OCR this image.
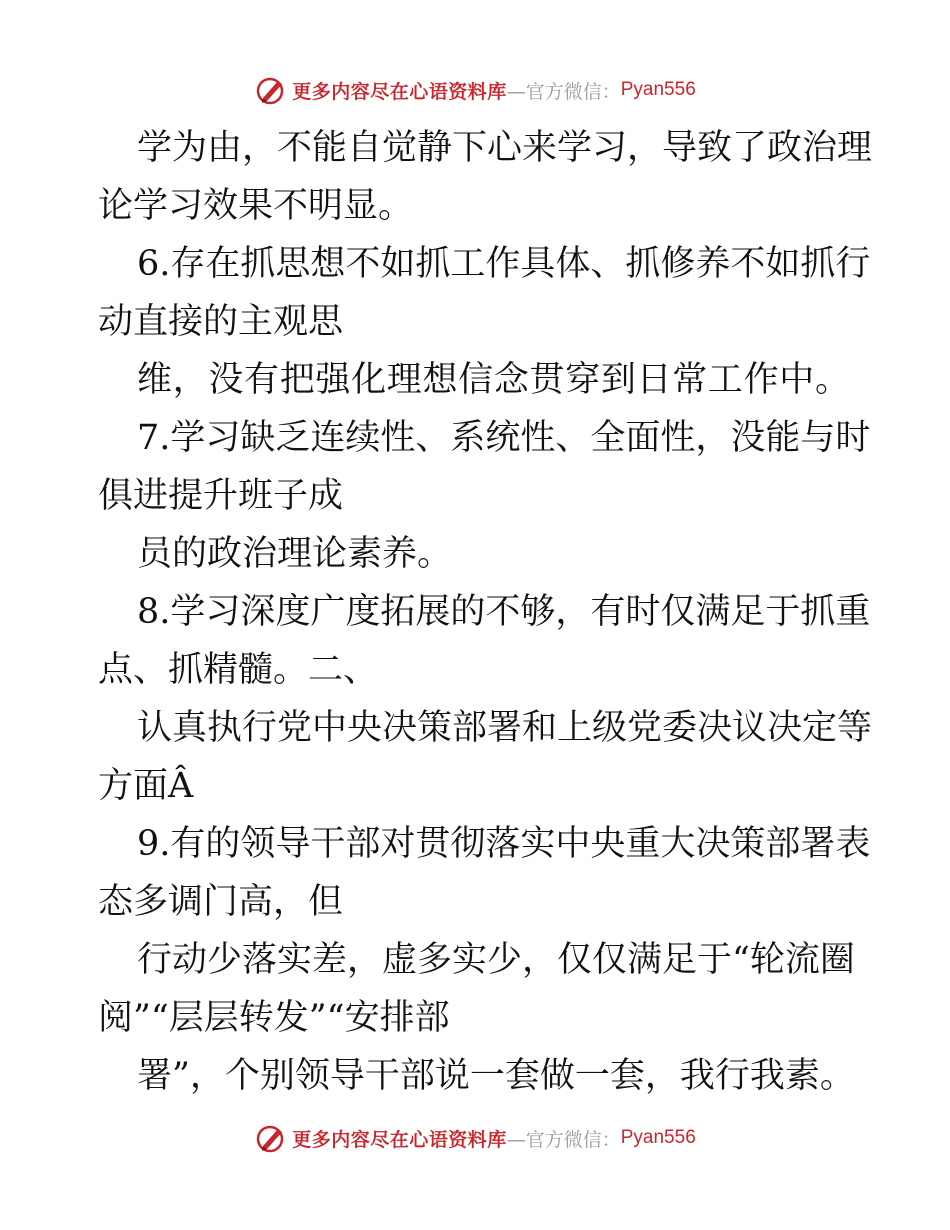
更多内容尽在心语资料库 —官方微信： Pyan556
学为由，不能自觉静下心来学习，导致了政治理
论学习效果不明显。
6.存在抓思想不如抓工作具体、抓修养不如抓行
动直接的主观思
维，没有把强化理想信念贯穿到日常工作中。
7.学习缺乏连续性、系统性、全面性，没能与时
俱进提升班子成
员的政治理论素养。
8.学习深度广度拓展的不够，有时仅满足于抓重
点、抓精髓。二、
认真执行党中央决策部署和上级党委决议决定等
方面Â
9.有的领导干部对贯彻落实中央重大决策部署表
态多调门高，但
行动少落实差，虚多实少，仅仅满足于“轮流圈
阅”“层层转发”“安排部
署”，个别领导干部说一套做一套，我行我素。
更多内容尽在心语资料库 —官方微信： Pyan556
